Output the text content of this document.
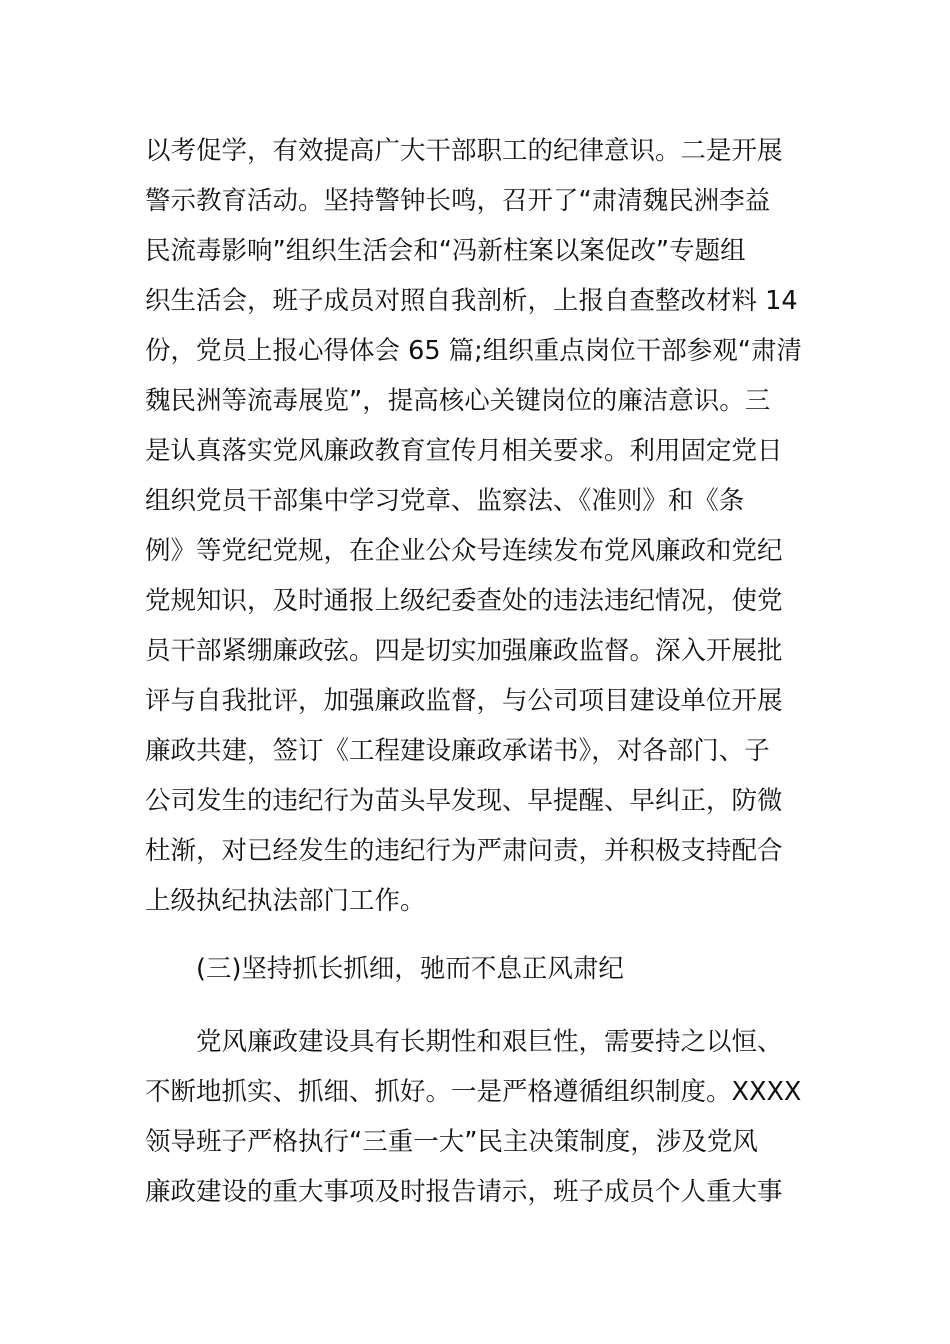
以考促学，有效提高广大干部职工的纪律意识。二是开展
警示教育活动。坚持警钟长鸣，召开了“肃清魏民洲李益
民流毒影响”组织生活会和“冯新柱案以案促改”专题组
织生活会，班子成员对照自我剖析，上报自查整改材料 14
份，党员上报心得体会 65 篇;组织重点岗位干部参观“肃清
魏民洲等流毒展览”，提高核心关键岗位的廉洁意识。三
是认真落实党风廉政教育宣传月相关要求。利用固定党日
组织党员干部集中学习党章、监察法、《准则》和《条
例》等党纪党规，在企业公众号连续发布党风廉政和党纪
党规知识，及时通报上级纪委查处的违法违纪情况，使党
员干部紧绷廉政弦。四是切实加强廉政监督。深入开展批
评与自我批评，加强廉政监督，与公司项目建设单位开展
廉政共建，签订《工程建设廉政承诺书》，对各部门、子
公司发生的违纪行为苗头早发现、早提醒、早纠正，防微
杜渐，对已经发生的违纪行为严肃问责，并积极支持配合
上级执纪执法部门工作。
(三)坚持抓长抓细，驰而不息正风肃纪
党风廉政建设具有长期性和艰巨性，需要持之以恒、
不断地抓实、抓细、抓好。一是严格遵循组织制度。XXXX
领导班子严格执行“三重一大”民主决策制度，涉及党风
廉政建设的重大事项及时报告请示，班子成员个人重大事
